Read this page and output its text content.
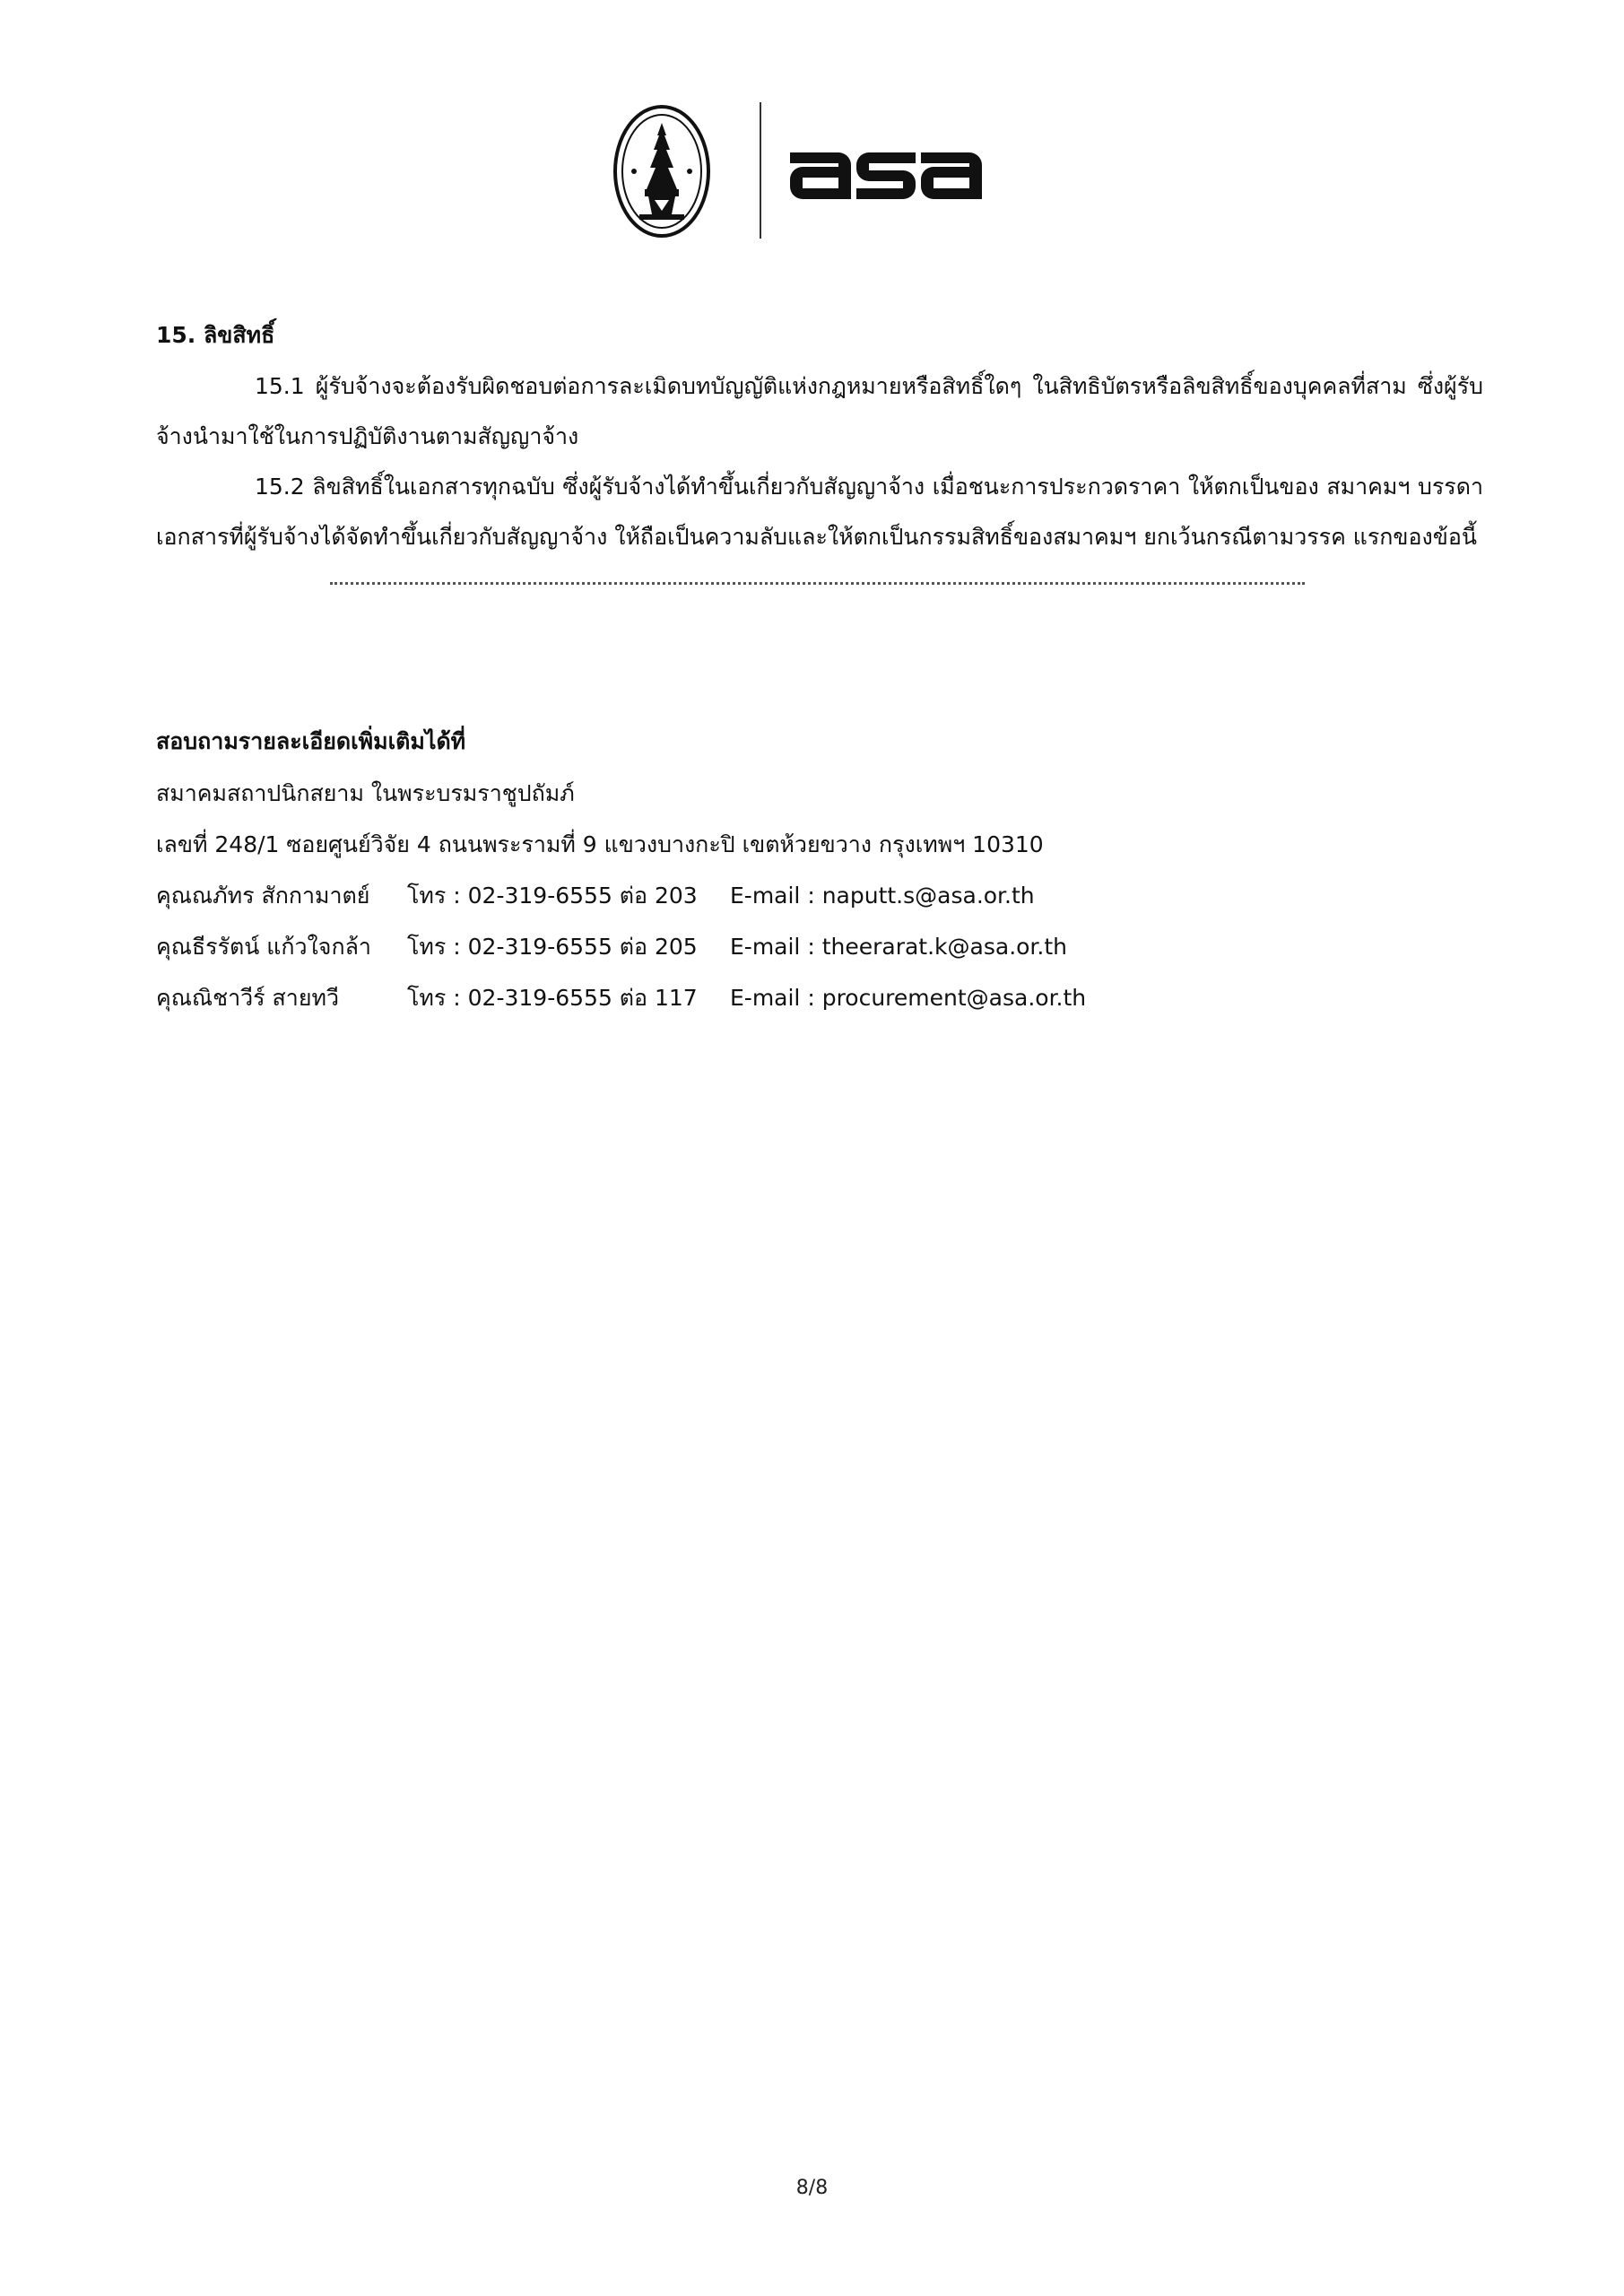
15. ลิขสิทธิ์

15.1 ผู้รับจ้างจะต้องรับผิดชอบต่อการละเมิดบทบัญญัติแห่งกฎหมายหรือสิทธิ์ใดๆ ในสิทธิบัตรหรือลิขสิทธิ์ของบุคคลที่สาม ซึ่งผู้รับจ้างนำมาใช้ในการปฏิบัติงานตามสัญญาจ้าง

15.2 ลิขสิทธิ์ในเอกสารทุกฉบับ ซึ่งผู้รับจ้างได้ทำขึ้นเกี่ยวกับสัญญาจ้าง เมื่อชนะการประกวดราคา ให้ตกเป็นของ สมาคมฯ บรรดาเอกสารที่ผู้รับจ้างได้จัดทำขึ้นเกี่ยวกับสัญญาจ้าง ให้ถือเป็นความลับและให้ตกเป็นกรรมสิทธิ์ของสมาคมฯ ยกเว้นกรณีตามวรรค แรกของข้อนี้

สอบถามรายละเอียดเพิ่มเติมได้ที่

สมาคมสถาปนิกสยาม ในพระบรมราชูปถัมภ์

เลขที่ 248/1 ซอยศูนย์วิจัย 4 ถนนพระรามที่ 9 แขวงบางกะปิ เขตห้วยขวาง กรุงเทพฯ 10310

คุณณภัทร สักกามาตย์	โทร : 02-319-6555 ต่อ 203	E-mail : naputt.s@asa.or.th
คุณธีรรัตน์ แก้วใจกล้า	โทร : 02-319-6555 ต่อ 205	E-mail : theerarat.k@asa.or.th
คุณณิชาวีร์ สายทวี	โทร : 02-319-6555 ต่อ 117	E-mail : procurement@asa.or.th
8/8
